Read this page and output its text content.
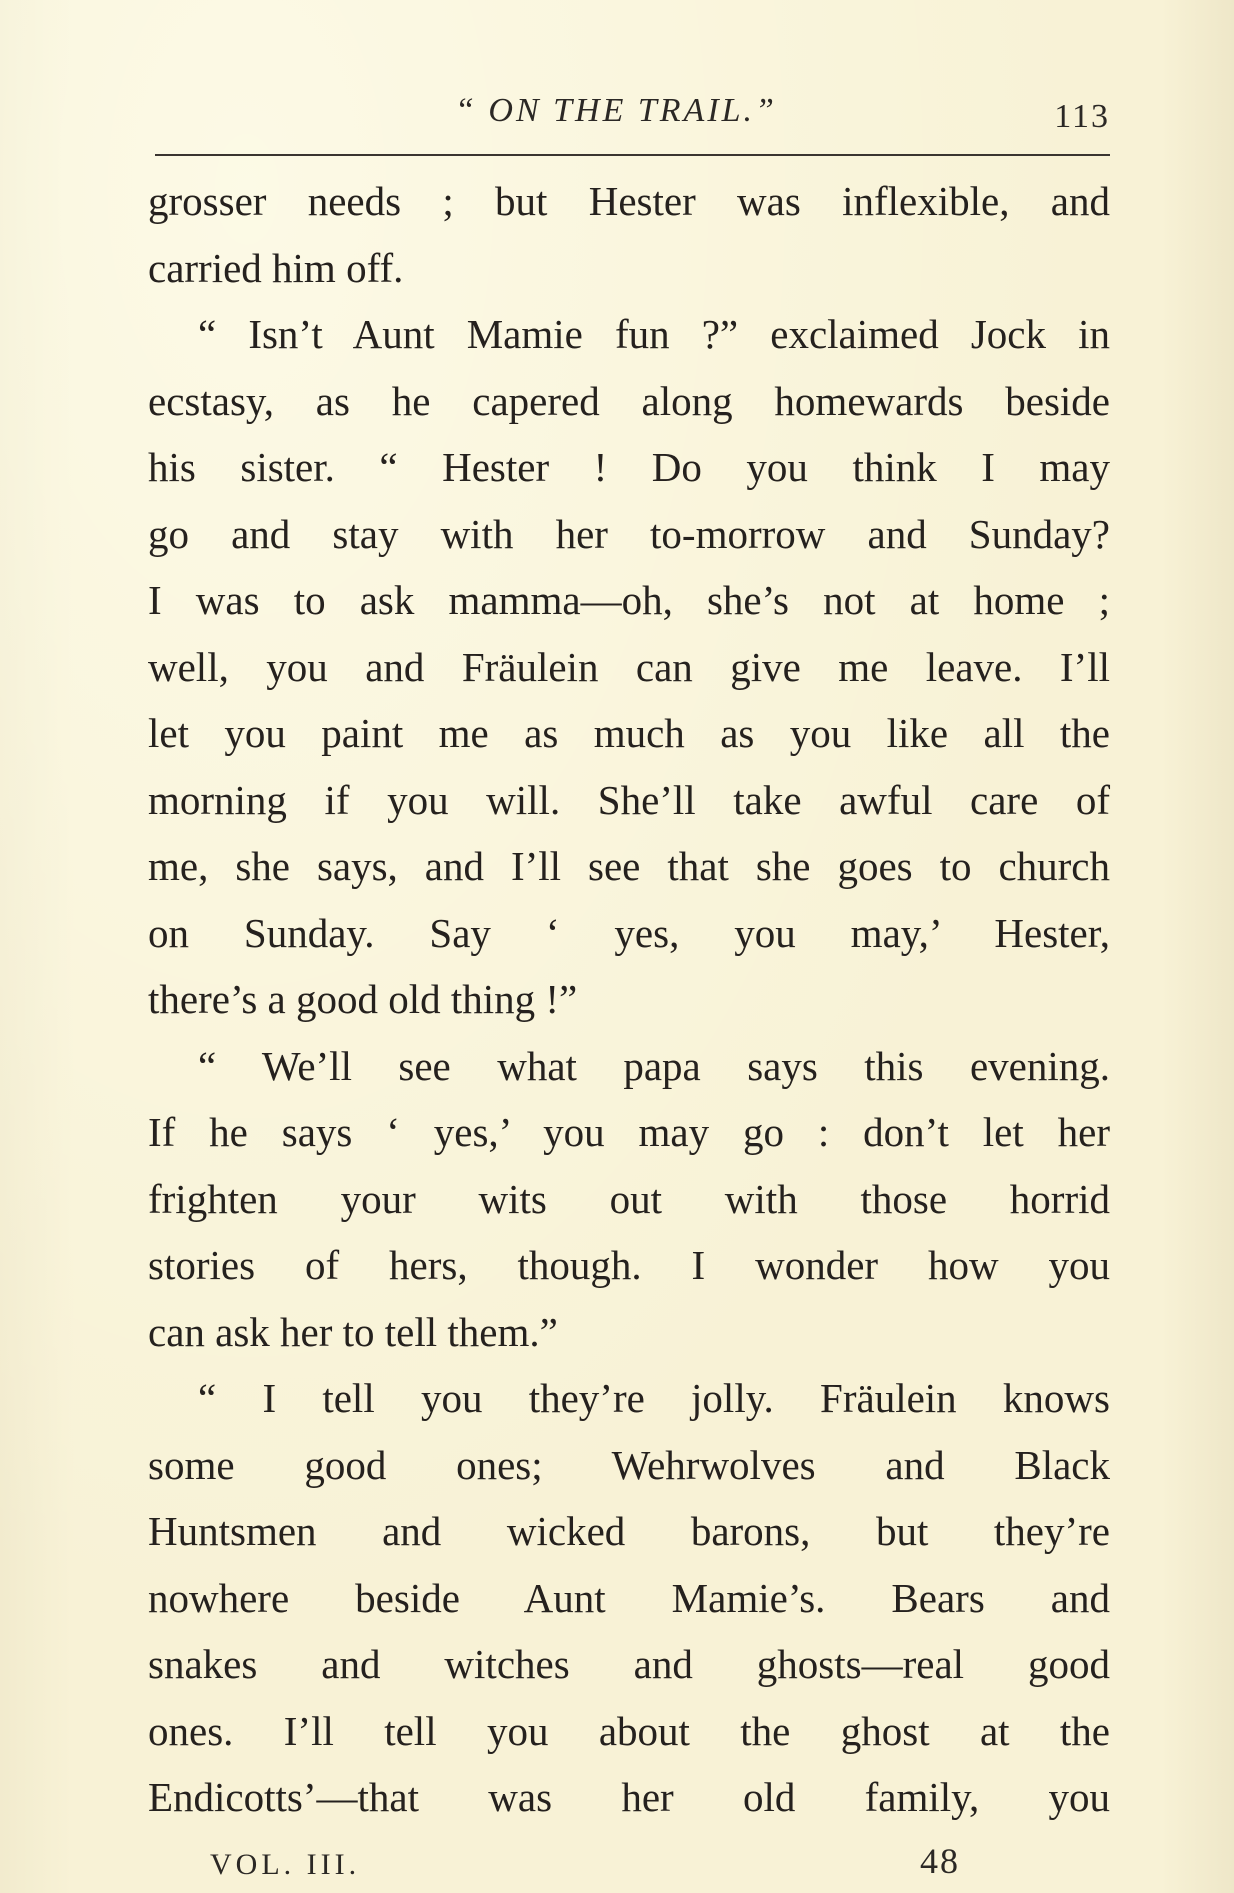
“ ON THE TRAIL.”	113
grosser needs ; but Hester was inflexible, and
carried him off.
“ Isn’t Aunt Mamie fun ?” exclaimed Jock in
ecstasy, as he capered along homewards beside
his sister. “ Hester ! Do you think I may
go and stay with her to-morrow and Sunday?
I was to ask mamma—oh, she’s not at home ;
well, you and Fräulein can give me leave. I’ll
let you paint me as much as you like all the
morning if you will. She’ll take awful care of
me, she says, and I’ll see that she goes to church
on Sunday. Say ‘ yes, you may,’ Hester,
there’s a good old thing !”
“ We’ll see what papa says this evening.
If he says ‘ yes,’ you may go : don’t let her
frighten your wits out with those horrid
stories of hers, though. I wonder how you
can ask her to tell them.”
“ I tell you they’re jolly. Fräulein knows
some good ones; Wehrwolves and Black
Huntsmen and wicked barons, but they’re
nowhere beside Aunt Mamie’s. Bears and
snakes and witches and ghosts—real good
ones. I’ll tell you about the ghost at the
Endicotts’—that was her old family, you
VOL. III.	48
